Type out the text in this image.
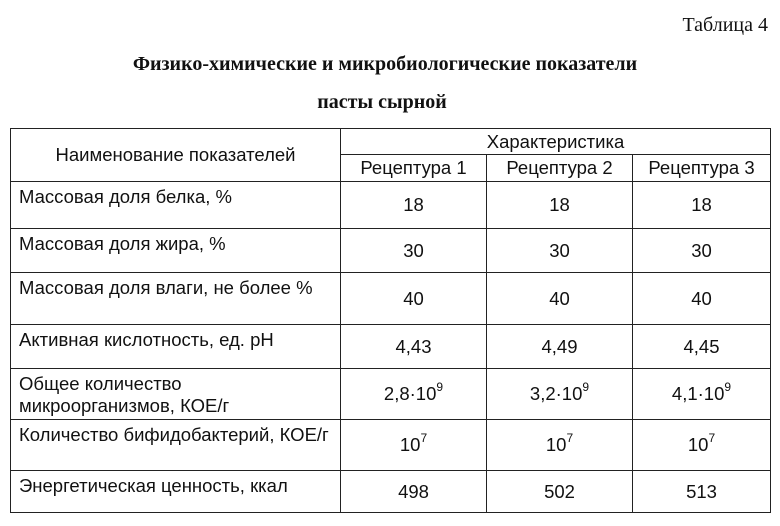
Таблица 4
Физико-химические и микробиологические показатели
пасты сырной
Наименование показателей	Характеристика		
	Рецептура 1	Рецептура 2	Рецептура 3
Массовая доля белка, %	18	18	18
Массовая доля жира, %	30	30	30
Массовая доля влаги, не более %	40	40	40
Активная кислотность, ед. pH	4,43	4,49	4,45
Общее количество микроорганизмов, КОЕ/г	$2,8\cdot 10^9$	$3,2\cdot 10^9$	$4,1\cdot 10^9$
Количество бифидобактерий, КОЕ/г	$10^7$	$10^7$	$10^7$
Энергетическая ценность, ккал	498	502	513
